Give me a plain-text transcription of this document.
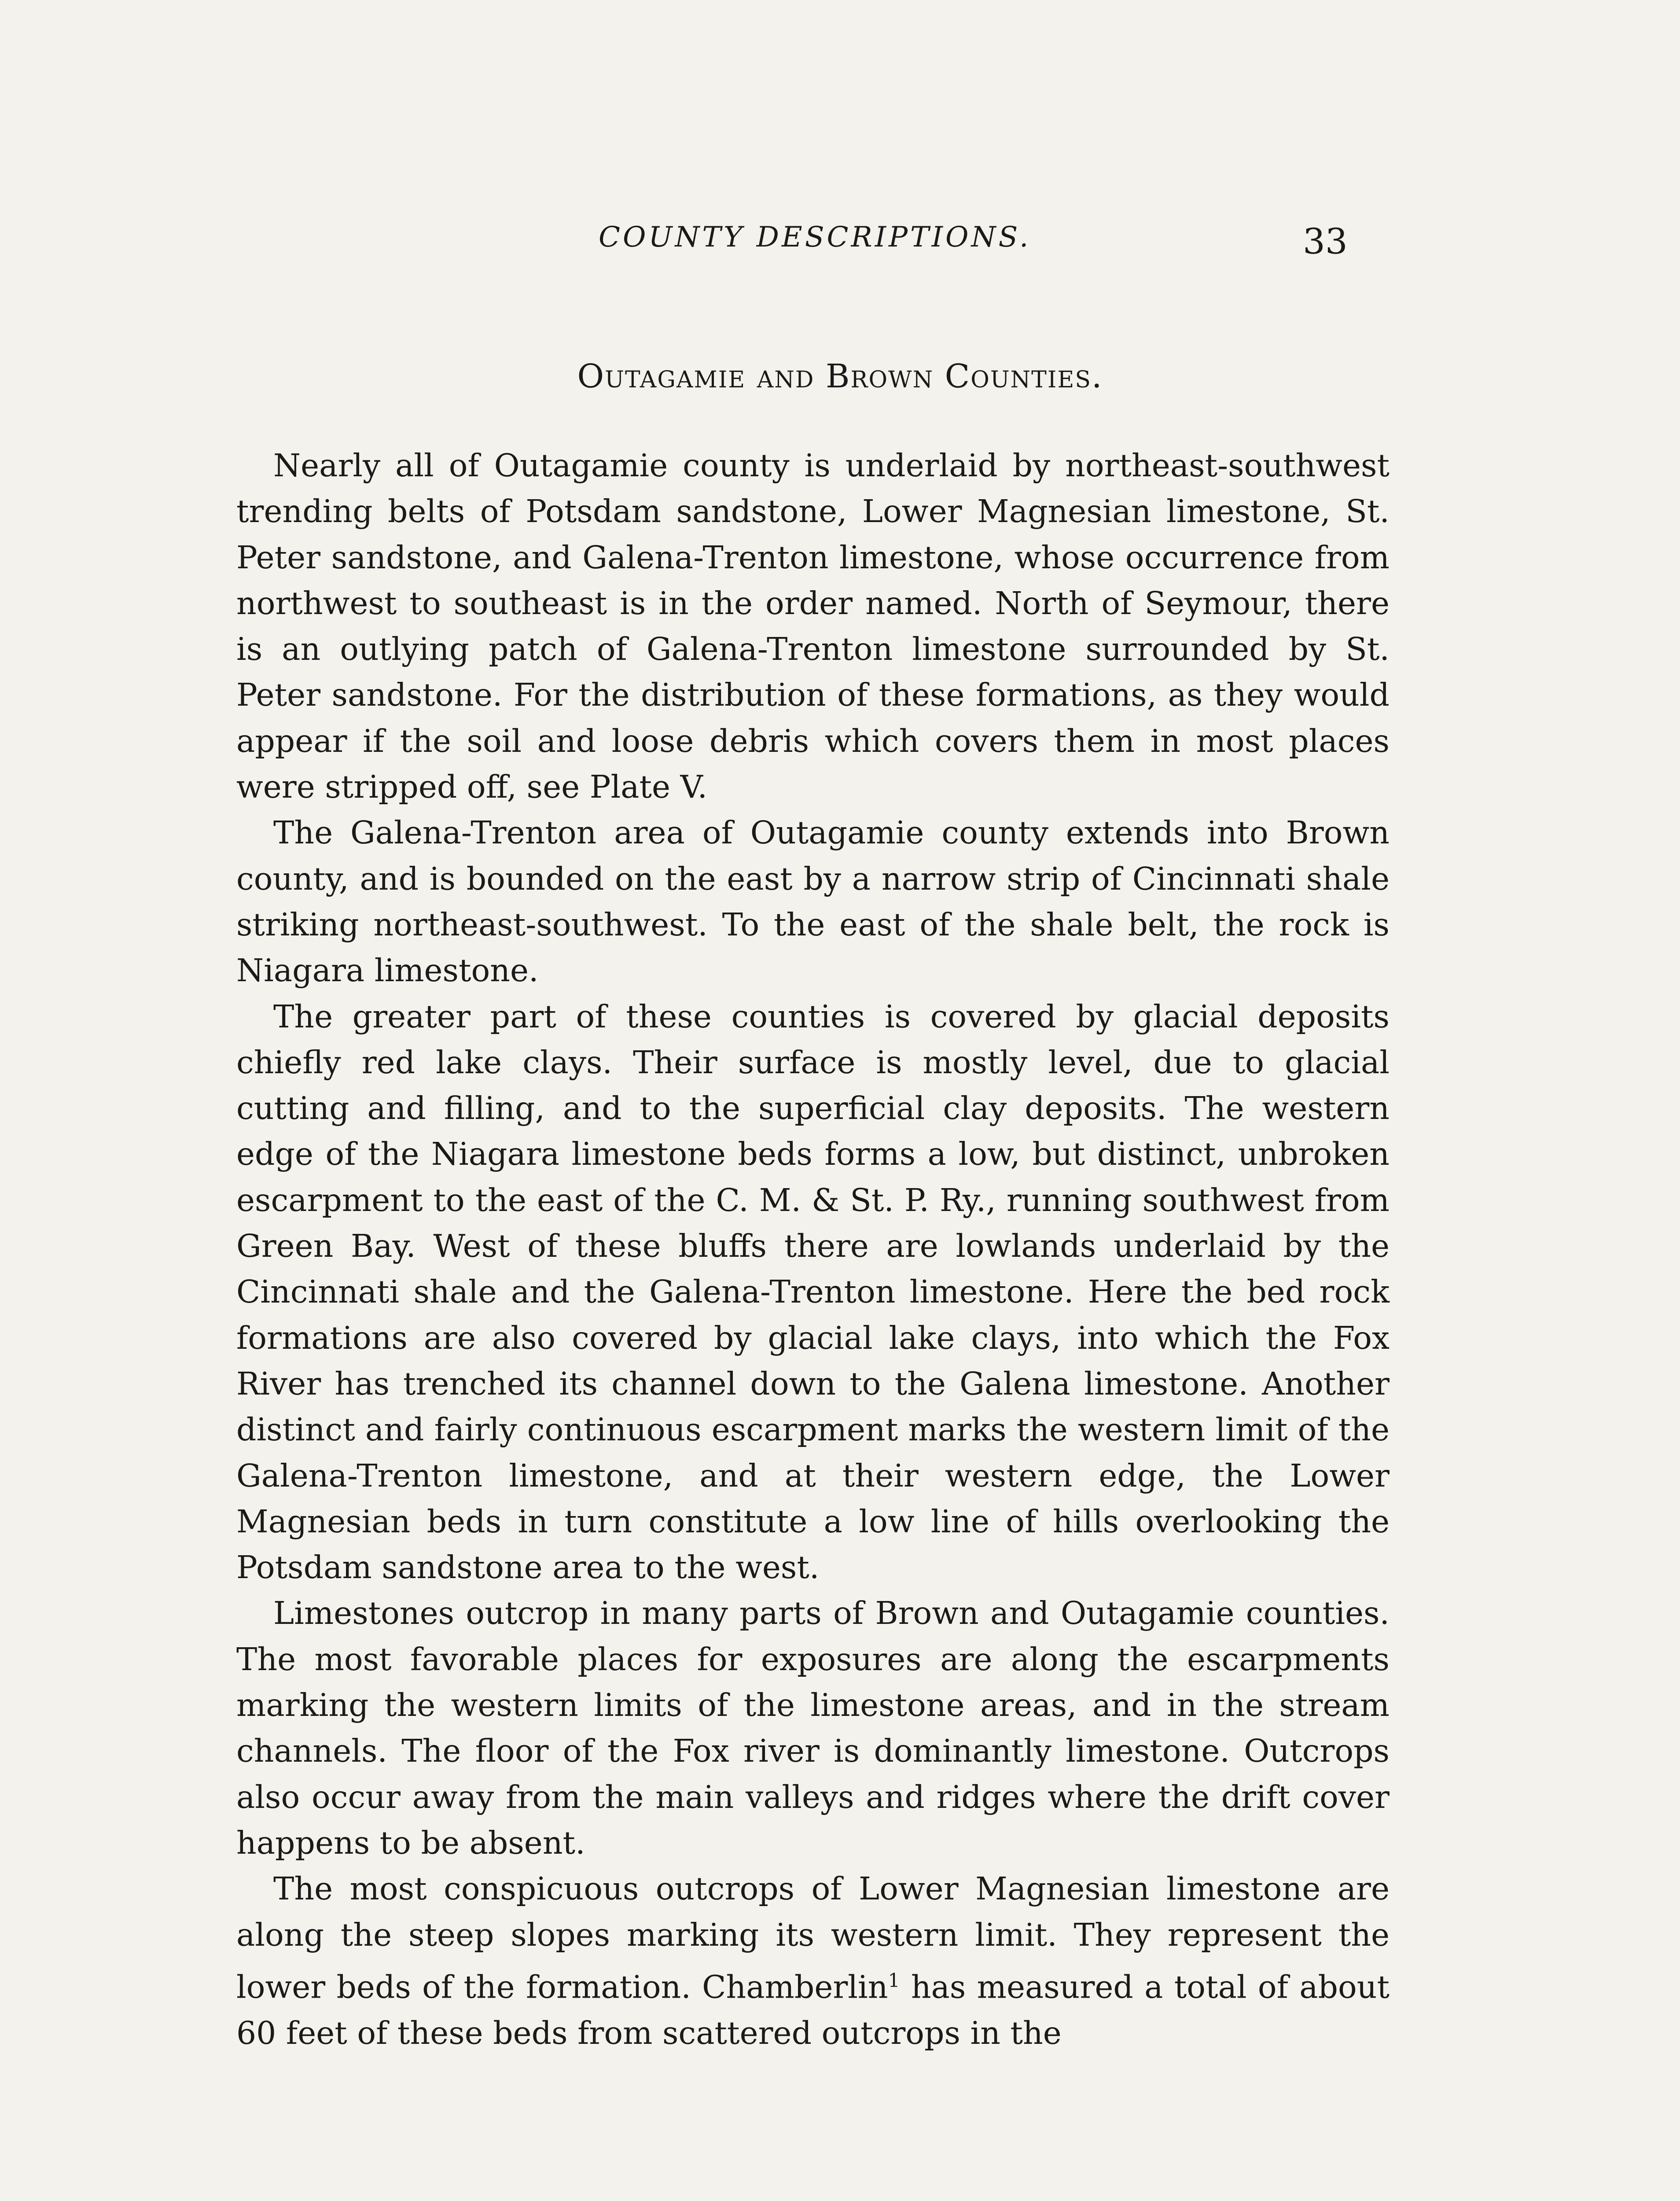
COUNTY DESCRIPTIONS.	33
Outagamie and Brown Counties.

Nearly all of Outagamie county is underlaid by northeast-southwest trending belts of Potsdam sandstone, Lower Magnesian limestone, St. Peter sandstone, and Galena-Trenton limestone, whose occurrence from northwest to southeast is in the order named. North of Seymour, there is an outlying patch of Galena-Trenton limestone surrounded by St. Peter sandstone. For the distribution of these formations, as they would appear if the soil and loose debris which covers them in most places were stripped off, see Plate V.

The Galena-Trenton area of Outagamie county extends into Brown county, and is bounded on the east by a narrow strip of Cincinnati shale striking northeast-southwest. To the east of the shale belt, the rock is Niagara limestone.

The greater part of these counties is covered by glacial deposits chiefly red lake clays. Their surface is mostly level, due to glacial cutting and filling, and to the superficial clay deposits. The western edge of the Niagara limestone beds forms a low, but distinct, unbroken escarpment to the east of the C. M. & St. P. Ry., running southwest from Green Bay. West of these bluffs there are lowlands underlaid by the Cincinnati shale and the Galena-Trenton limestone. Here the bed rock formations are also covered by glacial lake clays, into which the Fox River has trenched its channel down to the Galena limestone. Another distinct and fairly continuous escarpment marks the western limit of the Galena-Trenton limestone, and at their western edge, the Lower Magnesian beds in turn constitute a low line of hills overlooking the Potsdam sandstone area to the west.

Limestones outcrop in many parts of Brown and Outagamie counties. The most favorable places for exposures are along the escarpments marking the western limits of the limestone areas, and in the stream channels. The floor of the Fox river is dominantly limestone. Outcrops also occur away from the main valleys and ridges where the drift cover happens to be absent.

The most conspicuous outcrops of Lower Magnesian limestone are along the steep slopes marking its western limit. They represent the lower beds of the formation. Chamberlin$^1$ has measured a total of about 60 feet of these beds from scattered outcrops in the
